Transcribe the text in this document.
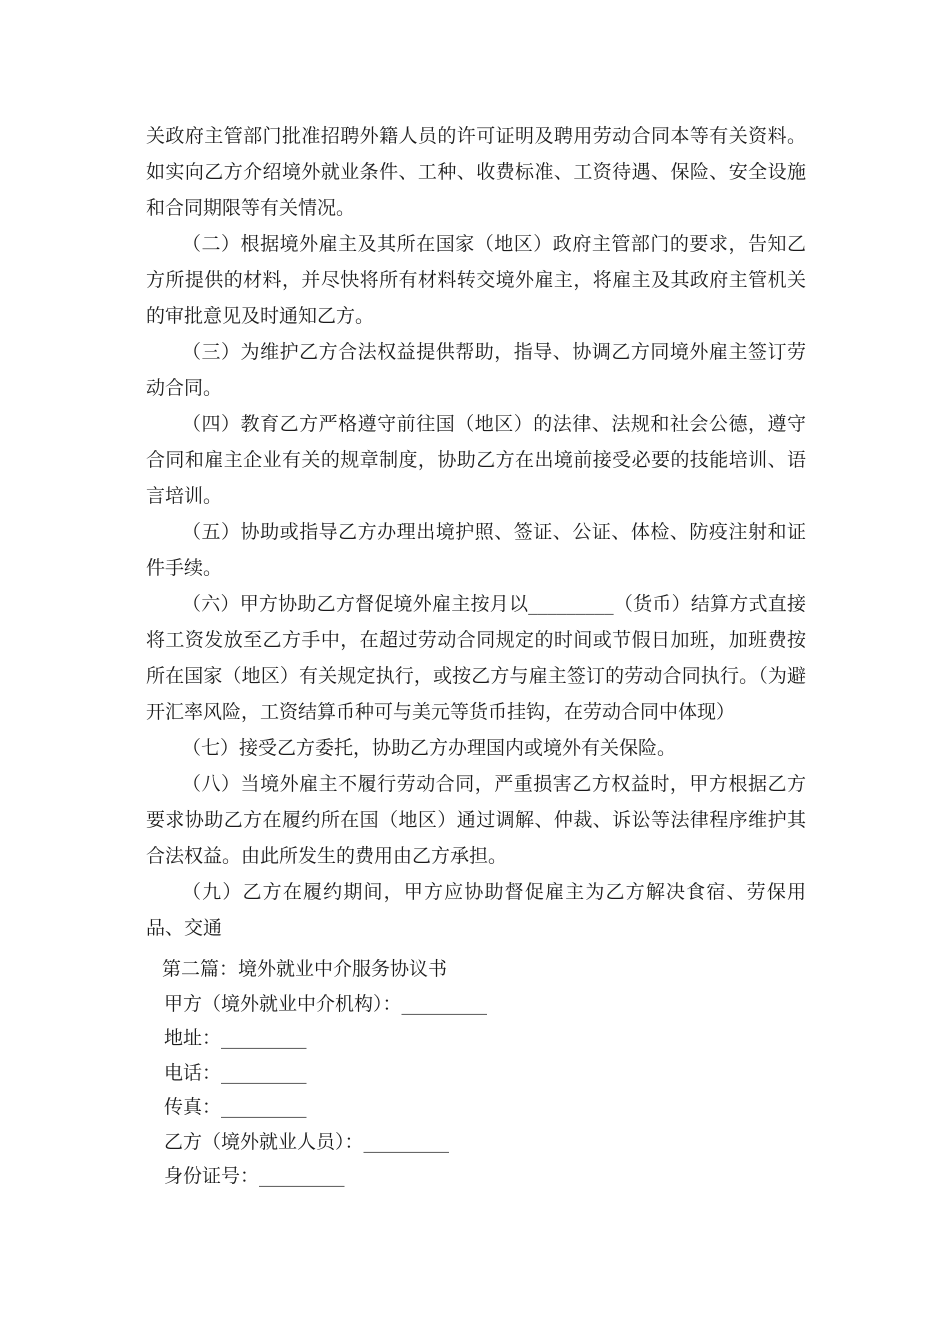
关政府主管部门批准招聘外籍人员的许可证明及聘用劳动合同本等有关资料。如实向乙方介绍境外就业条件、工种、收费标准、工资待遇、保险、安全设施和合同期限等有关情况。

（二）根据境外雇主及其所在国家（地区）政府主管部门的要求，告知乙方所提供的材料，并尽快将所有材料转交境外雇主，将雇主及其政府主管机关的审批意见及时通知乙方。

（三）为维护乙方合法权益提供帮助，指导、协调乙方同境外雇主签订劳动合同。

（四）教育乙方严格遵守前往国（地区）的法律、法规和社会公德，遵守合同和雇主企业有关的规章制度，协助乙方在出境前接受必要的技能培训、语言培训。

（五）协助或指导乙方办理出境护照、签证、公证、体检、防疫注射和证件手续。

（六）甲方协助乙方督促境外雇主按月以_________（货币）结算方式直接将工资发放至乙方手中，在超过劳动合同规定的时间或节假日加班，加班费按所在国家（地区）有关规定执行，或按乙方与雇主签订的劳动合同执行。（为避开汇率风险，工资结算币种可与美元等货币挂钩，在劳动合同中体现）

（七）接受乙方委托，协助乙方办理国内或境外有关保险。

（八）当境外雇主不履行劳动合同，严重损害乙方权益时，甲方根据乙方要求协助乙方在履约所在国（地区）通过调解、仲裁、诉讼等法律程序维护其合法权益。由此所发生的费用由乙方承担。

（九）乙方在履约期间，甲方应协助督促雇主为乙方解决食宿、劳保用品、交通

第二篇：境外就业中介服务协议书
甲方（境外就业中介机构）：_________
地址：_________
电话：_________
传真：_________
乙方（境外就业人员）：_________
身份证号：_________
